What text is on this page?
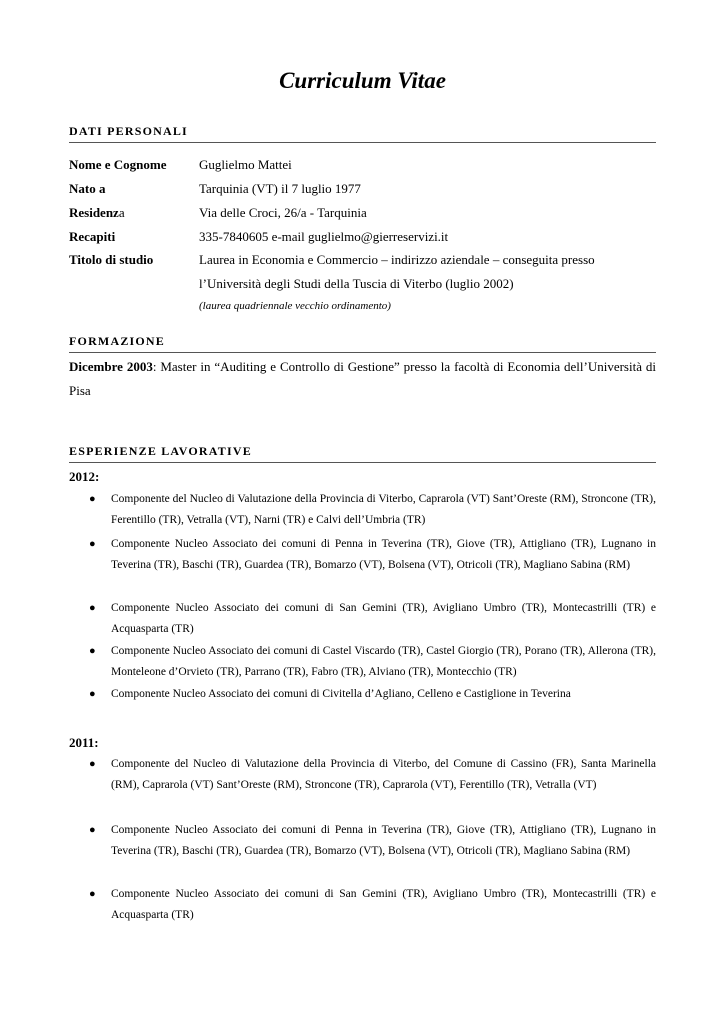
Curriculum Vitae
DATI PERSONALI
Nome e Cognome	Guglielmo Mattei
Nato a	Tarquinia (VT) il 7 luglio 1977
Residenza	Via delle Croci, 26/a - Tarquinia
Recapiti	335-7840605 e-mail guglielmo@gierreservizi.it
Titolo di studio	Laurea in Economia e Commercio – indirizzo aziendale – conseguita presso
l’Università degli Studi della Tuscia di Viterbo (luglio 2002)
(laurea quadriennale vecchio ordinamento)
FORMAZIONE
Dicembre 2003: Master in “Auditing e Controllo di Gestione” presso la facoltà di Economia dell’Università di Pisa
ESPERIENZE LAVORATIVE
2012:
● Componente del Nucleo di Valutazione della Provincia di Viterbo, Caprarola (VT) Sant’Oreste (RM), Stroncone (TR), Ferentillo (TR), Vetralla (VT), Narni (TR) e Calvi dell’Umbria (TR)
● Componente Nucleo Associato dei comuni di Penna in Teverina (TR), Giove (TR), Attigliano (TR), Lugnano in Teverina (TR), Baschi (TR), Guardea (TR), Bomarzo (VT), Bolsena (VT), Otricoli (TR), Magliano Sabina (RM)
● Componente Nucleo Associato dei comuni di San Gemini (TR), Avigliano Umbro (TR), Montecastrilli (TR) e Acquasparta (TR)
● Componente Nucleo Associato dei comuni di Castel Viscardo (TR), Castel Giorgio (TR), Porano (TR), Allerona (TR), Monteleone d’Orvieto (TR), Parrano (TR), Fabro (TR), Alviano (TR), Montecchio (TR)
● Componente Nucleo Associato dei comuni di Civitella d’Agliano, Celleno e Castiglione in Teverina
2011:
● Componente del Nucleo di Valutazione della Provincia di Viterbo, del Comune di Cassino (FR), Santa Marinella (RM), Caprarola (VT) Sant’Oreste (RM), Stroncone (TR), Caprarola (VT), Ferentillo (TR), Vetralla (VT)
● Componente Nucleo Associato dei comuni di Penna in Teverina (TR), Giove (TR), Attigliano (TR), Lugnano in Teverina (TR), Baschi (TR), Guardea (TR), Bomarzo (VT), Bolsena (VT), Otricoli (TR), Magliano Sabina (RM)
● Componente Nucleo Associato dei comuni di San Gemini (TR), Avigliano Umbro (TR), Montecastrilli (TR) e Acquasparta (TR)
